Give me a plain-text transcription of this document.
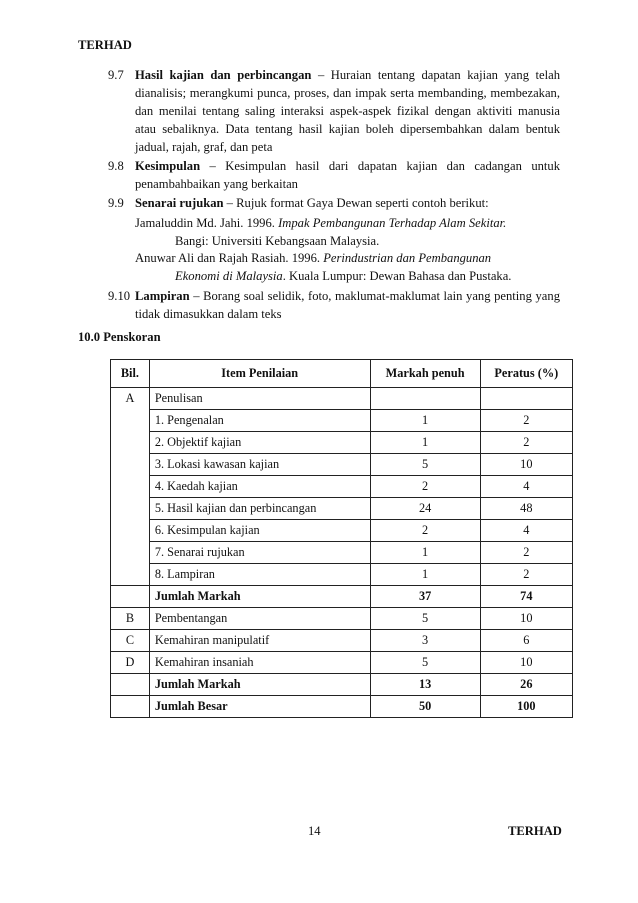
TERHAD
9.7 Hasil kajian dan perbincangan – Huraian tentang dapatan kajian yang telah dianalisis; merangkumi punca, proses, dan impak serta membanding, membezakan, dan menilai tentang saling interaksi aspek-aspek fizikal dengan aktiviti manusia atau sebaliknya. Data tentang hasil kajian boleh dipersembahkan dalam bentuk jadual, rajah, graf, dan peta
9.8 Kesimpulan – Kesimpulan hasil dari dapatan kajian dan cadangan untuk penambahbaikan yang berkaitan
9.9 Senarai rujukan – Rujuk format Gaya Dewan seperti contoh berikut:
Jamaluddin Md. Jahi. 1996. Impak Pembangunan Terhadap Alam Sekitar.
Bangi: Universiti Kebangsaan Malaysia.
Anuwar Ali dan Rajah Rasiah. 1996. Perindustrian dan Pembangunan
Ekonomi di Malaysia. Kuala Lumpur: Dewan Bahasa dan Pustaka.
9.10 Lampiran – Borang soal selidik, foto, maklumat-maklumat lain yang penting yang tidak dimasukkan dalam teks
10.0 Penskoran
Bil.	Item Penilaian	Markah penuh	Peratus (%)
A	Penulisan		
	1. Pengenalan	1	2
	2. Objektif kajian	1	2
	3. Lokasi kawasan kajian	5	10
	4. Kaedah kajian	2	4
	5. Hasil kajian dan perbincangan	24	48
	6. Kesimpulan kajian	2	4
	7. Senarai rujukan	1	2
	8. Lampiran	1	2
	Jumlah Markah	37	74
B	Pembentangan	5	10
C	Kemahiran manipulatif	3	6
D	Kemahiran insaniah	5	10
	Jumlah Markah	13	26
	Jumlah Besar	50	100
14	TERHAD
